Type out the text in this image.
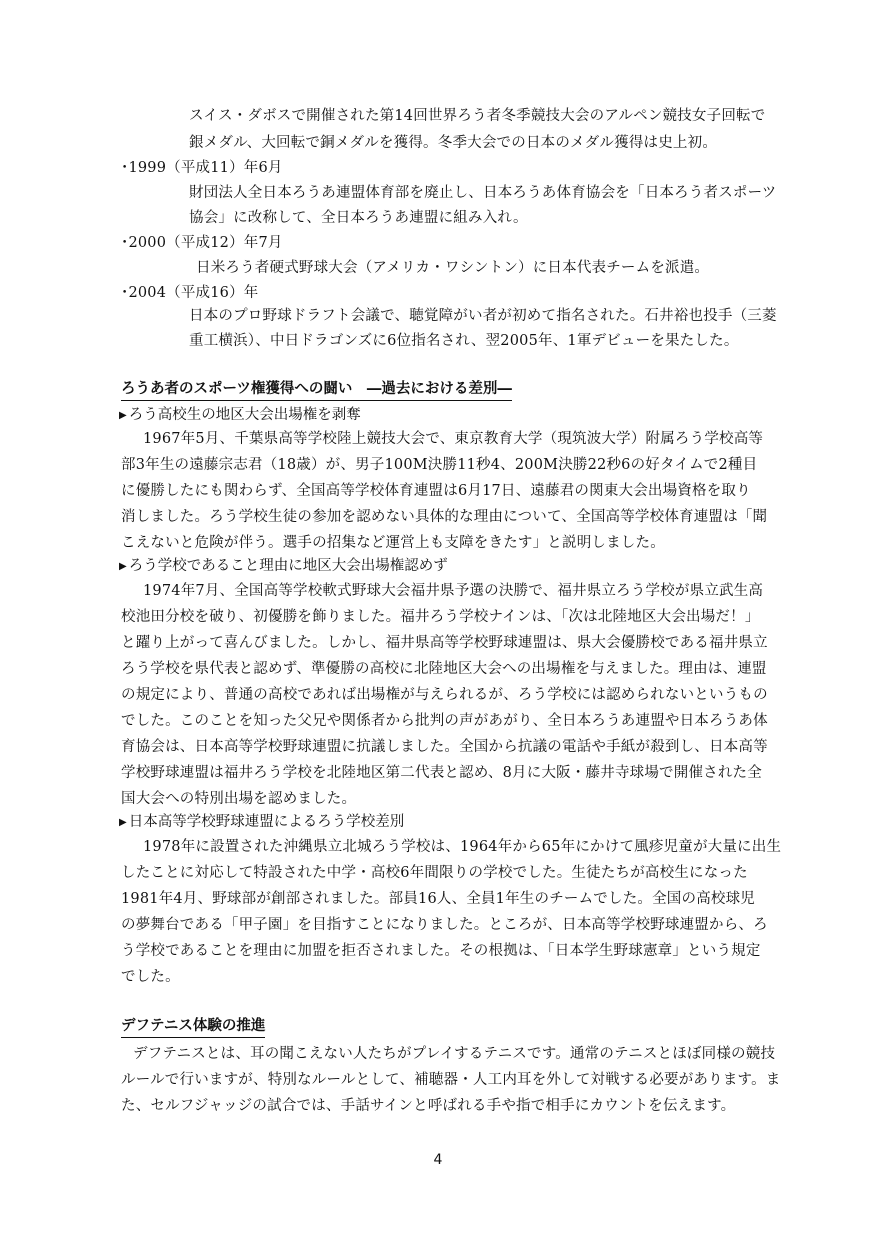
スイス・ダボスで開催された第14回世界ろう者冬季競技大会のアルペン競技女子回転で
銀メダル、大回転で銅メダルを獲得。冬季大会での日本のメダル獲得は史上初。
･1999（平成11）年6月
財団法人全日本ろうあ連盟体育部を廃止し、日本ろうあ体育協会を「日本ろう者スポーツ
協会」に改称して、全日本ろうあ連盟に組み入れ。
･2000（平成12）年7月
日米ろう者硬式野球大会（アメリカ・ワシントン）に日本代表チームを派遣。
･2004（平成16）年
日本のプロ野球ドラフト会議で、聴覚障がい者が初めて指名された。石井裕也投手（三菱
重工横浜）、中日ドラゴンズに6位指名され、翌2005年、1軍デビューを果たした。
ろうあ者のスポーツ権獲得への闘い　―過去における差別―
▶ ろう高校生の地区大会出場権を剥奪
1967年5月、千葉県高等学校陸上競技大会で、東京教育大学（現筑波大学）附属ろう学校高等
部3年生の遠藤宗志君（18歳）が、男子100M決勝11秒4、200M決勝22秒6の好タイムで2種目
に優勝したにも関わらず、全国高等学校体育連盟は6月17日、遠藤君の関東大会出場資格を取り
消しました。ろう学校生徒の参加を認めない具体的な理由について、全国高等学校体育連盟は「聞
こえないと危険が伴う。選手の招集など運営上も支障をきたす」と説明しました。
▶ ろう学校であること理由に地区大会出場権認めず
1974年7月、全国高等学校軟式野球大会福井県予選の決勝で、福井県立ろう学校が県立武生高
校池田分校を破り、初優勝を飾りました。福井ろう学校ナインは、「次は北陸地区大会出場だ！」
と躍り上がって喜んびました。しかし、福井県高等学校野球連盟は、県大会優勝校である福井県立
ろう学校を県代表と認めず、準優勝の高校に北陸地区大会への出場権を与えました。理由は、連盟
の規定により、普通の高校であれば出場権が与えられるが、ろう学校には認められないというもの
でした。このことを知った父兄や関係者から批判の声があがり、全日本ろうあ連盟や日本ろうあ体
育協会は、日本高等学校野球連盟に抗議しました。全国から抗議の電話や手紙が殺到し、日本高等
学校野球連盟は福井ろう学校を北陸地区第二代表と認め、8月に大阪・藤井寺球場で開催された全
国大会への特別出場を認めました。
▶ 日本高等学校野球連盟によるろう学校差別
1978年に設置された沖縄県立北城ろう学校は、1964年から65年にかけて風疹児童が大量に出生
したことに対応して特設された中学・高校6年間限りの学校でした。生徒たちが高校生になった
1981年4月、野球部が創部されました。部員16人、全員1年生のチームでした。全国の高校球児
の夢舞台である「甲子園」を目指すことになりました。ところが、日本高等学校野球連盟から、ろ
う学校であることを理由に加盟を拒否されました。その根拠は、「日本学生野球憲章」という規定
でした。
デフテニス体験の推進
デフテニスとは、耳の聞こえない人たちがプレイするテニスです。通常のテニスとほぼ同様の競技
ルールで行いますが、特別なルールとして、補聴器・人工内耳を外して対戦する必要があります。ま
た、セルフジャッジの試合では、手話サインと呼ばれる手や指で相手にカウントを伝えます。
4
